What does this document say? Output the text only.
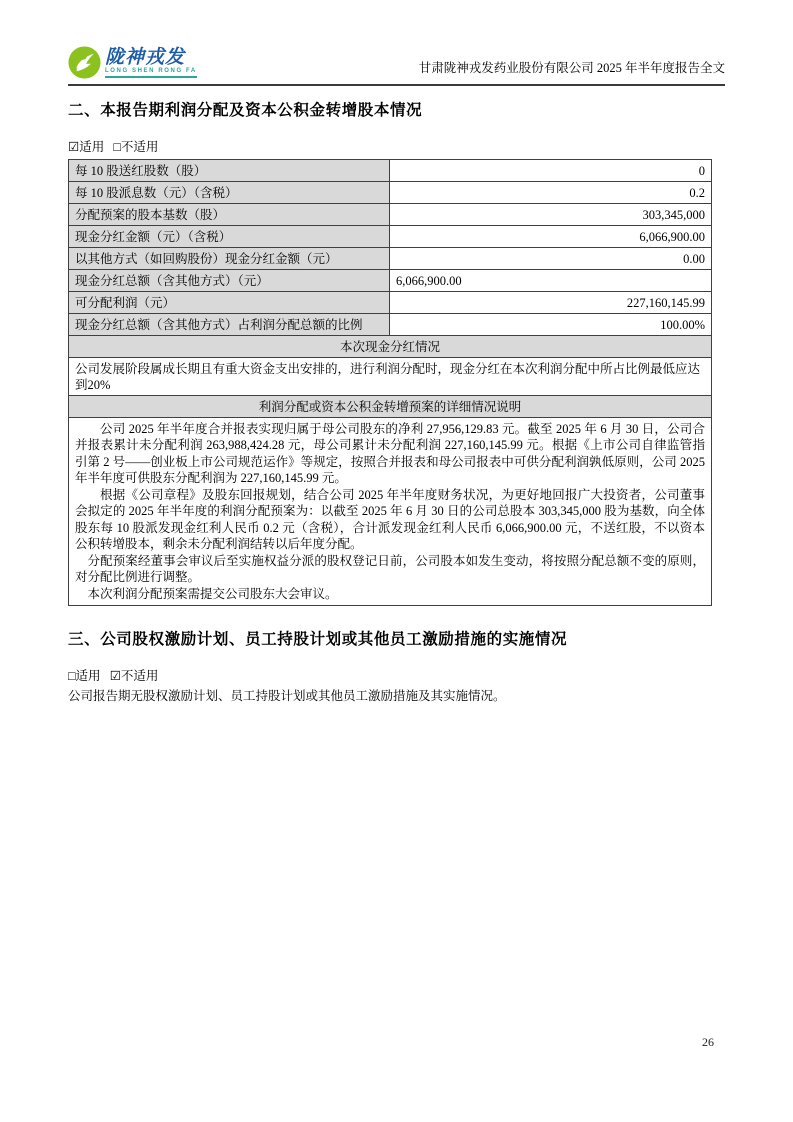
陇神戎发
LONG SHEN RONG FA	甘肃陇神戎发药业股份有限公司 2025 年半年度报告全文
二、本报告期利润分配及资本公积金转增股本情况
☑适用 □不适用
每 10 股送红股数（股）	0
每 10 股派息数（元）（含税）	0.2
分配预案的股本基数（股）	303,345,000
现金分红金额（元）（含税）	6,066,900.00
以其他方式（如回购股份）现金分红金额（元）	0.00
现金分红总额（含其他方式）（元）	6,066,900.00
可分配利润（元）	227,160,145.99
现金分红总额（含其他方式）占利润分配总额的比例	100.00%
本次现金分红情况	
公司发展阶段属成长期且有重大资金支出安排的，进行利润分配时，现金分红在本次利润分配中所占比例最低应达到20%	
利润分配或资本公积金转增预案的详细情况说明	

公司 2025 年半年度合并报表实现归属于母公司股东的净利 27,956,129.83 元。截至 2025 年 6 月 30 日，公司合并报表累计未分配利润 263,988,424.28 元，母公司累计未分配利润 227,160,145.99 元。根据《上市公司自律监管指引第 2 号——创业板上市公司规范运作》等规定，按照合并报表和母公司报表中可供分配利润孰低原则，公司 2025 年半年度可供股东分配利润为 227,160,145.99 元。

根据《公司章程》及股东回报规划，结合公司 2025 年半年度财务状况，为更好地回报广大投资者，公司董事会拟定的 2025 年半年度的利润分配预案为：以截至 2025 年 6 月 30 日的公司总股本 303,345,000 股为基数，向全体股东每 10 股派发现金红利人民币 0.2 元（含税），合计派发现金红利人民币 6,066,900.00 元，不送红股，不以资本公积转增股本，剩余未分配利润结转以后年度分配。

分配预案经董事会审议后至实施权益分派的股权登记日前，公司股本如发生变动，将按照分配总额不变的原则，对分配比例进行调整。

本次利润分配预案需提交公司股东大会审议。	

三、公司股权激励计划、员工持股计划或其他员工激励措施的实施情况
□适用 ☑不适用
公司报告期无股权激励计划、员工持股计划或其他员工激励措施及其实施情况。
26
